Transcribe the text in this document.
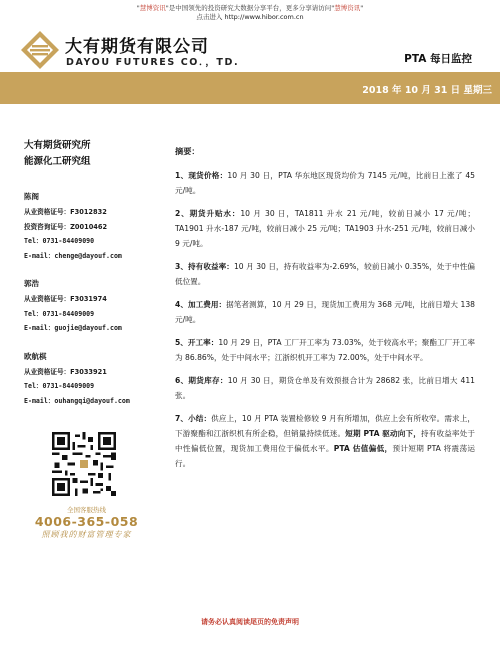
"慧博资讯"是中国领先的投资研究大数据分享平台，更多分享请访问"慧博资讯"
点击进入 http://www.hibor.com.cn
大有期货有限公司
DAYOU FUTURES CO．，TD.	PTA 每日监控
2018 年 10 月 31 日 星期三
大有期货研究所
能源化工研究组
陈阁
从业资格证号：F3012832
投资咨询证号：Z0010462
Tel：0731-84409090
E-mail：chenge@dayouf.com
郭浩
从业资格证号：F3031974
Tel：0731-84409009
E-mail：guojie@dayouf.com
欧航棋
从业资格证号：F3033921
Tel：0731-84409009
E-mail：ouhangqi@dayouf.com
全国客服热线
4006-365-058
照顾我的财富管理专家
摘要：
1、现货价格：10 月 30 日，PTA 华东地区现货均价为 7145 元/吨，比前日上涨了 45 元/吨。
2、期货升贴水：10 月 30 日，TA1811 升水 21 元/吨，较前日减小 17 元/吨；TA1901 升水-187 元/吨，较前日减小 25 元/吨；TA1903 升水-251 元/吨，较前日减小 9 元/吨。
3、持有收益率：10 月 30 日，持有收益率为-2.69%，较前日减小 0.35%，处于中性偏低位置。
4、加工费用：据笔者测算，10 月 29 日，现货加工费用为 368 元/吨，比前日增大 138 元/吨。
5、开工率：10 月 29 日，PTA 工厂开工率为 73.03%，处于较高水平；聚酯工厂开工率为 86.86%，处于中间水平；江浙织机开工率为 72.00%，处于中间水平。
6、期货库存：10 月 30 日，期货仓单及有效预报合计为 28682 张，比前日增大 411 张。
7、小结：供应上，10 月 PTA 装置检修较 9 月有所增加，供应上会有所收窄。需求上，下游聚酯和江浙织机有所企稳，但销量持续低迷。短期 PTA 驱动向下，持有收益率处于中性偏低位置，现货加工费用位于偏低水平。PTA 估值偏低，预计短期 PTA 将震荡运行。
请务必认真阅读尾页的免责声明
